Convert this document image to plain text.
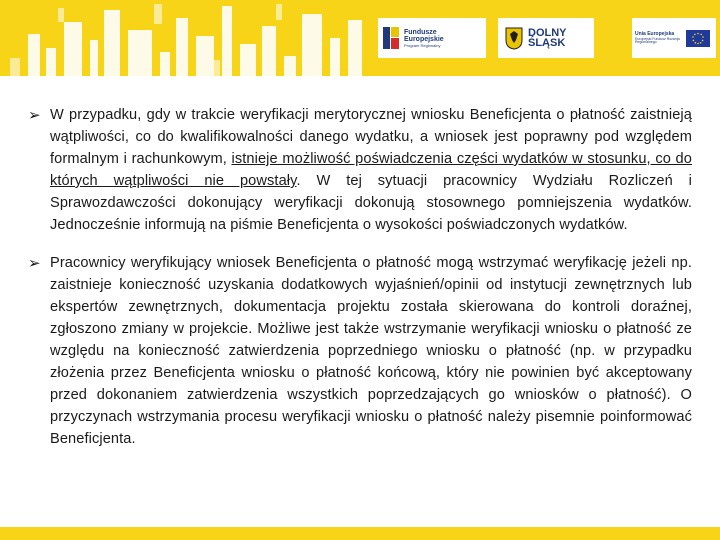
Fundusze
Europejskie
Program Regionalny
DOLNY
ŚLĄSK
Unia Europejska
Europejski Fundusz Rozwoju Regionalnego

➢ W przypadku, gdy w trakcie weryfikacji merytorycznej wniosku Beneficjenta o płatność zaistnieją wątpliwości, co do kwalifikowalności danego wydatku, a wniosek jest poprawny pod względem formalnym i rachunkowym, istnieje możliwość poświadczenia części wydatków w stosunku, co do których wątpliwości nie powstały. W tej sytuacji pracownicy Wydziału Rozliczeń i Sprawozdawczości dokonujący weryfikacji dokonują stosownego pomniejszenia wydatków. Jednocześnie informują na piśmie Beneficjenta o wysokości poświadczonych wydatków.

➢ Pracownicy weryfikujący wniosek Beneficjenta o płatność mogą wstrzymać weryfikację jeżeli np. zaistnieje konieczność uzyskania dodatkowych wyjaśnień/opinii od instytucji zewnętrznych lub ekspertów zewnętrznych, dokumentacja projektu została skierowana do kontroli doraźnej, zgłoszono zmiany w projekcie. Możliwe jest także wstrzymanie weryfikacji wniosku o płatność ze względu na konieczność zatwierdzenia poprzedniego wniosku o płatność (np. w przypadku złożenia przez Beneficjenta wniosku o płatność końcową, który nie powinien być akceptowany przed dokonaniem zatwierdzenia wszystkich poprzedzających go wniosków o płatność). O przyczynach wstrzymania procesu weryfikacji wniosku o płatność należy pisemnie poinformować Beneficjenta.
